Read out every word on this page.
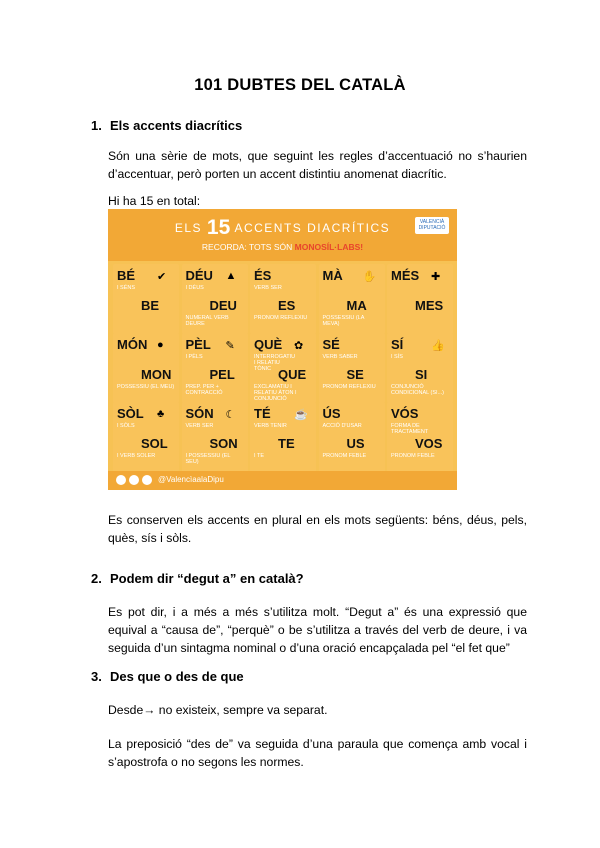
101 DUBTES DEL CATALÀ
1. Els accents diacrítics
Són una sèrie de mots, que seguint les regles d’accentuació no s’haurien d’accentuar, però porten un accent distintiu anomenat diacrític.
Hi ha 15 en total:
ELS 15 ACCENTS DIACRÍTICS
RECORDA: TOTS SÓN MONOSÍL·LABS!
VALENCIÀ DIPUTACIÓ
BÉ
I SÉNS
BE
✔ DÉU
I DÉUS
DEU
NUMERAL VERB DEURE
▲ ÉS
VERB SER
ES
PRONOM REFLEXIU
MÀ
MA
POSSESSIU (LA MEVA)
✋ MÉS
MES
✚
MÓN
MON
POSSESSIU (EL MEU)
● PÈL
I PÈLS
PEL
PREP. PER + CONTRACCIÓ
✎ QUÈ
INTERROGATIU I RELATIU TÒNIC QUE
EXCLAMATIU I RELATIU ÀTON I CONJUNCIÓ
✿ SÉ
VERB SABER
SE
PRONOM REFLEXIU
SÍ
I SÍS
SI
CONJUNCIÓ CONDICIONAL (SI...)
👍
SÒL
I SÒLS
SOL
I VERB SOLER
♣ SÓN
VERB SER
SON
I POSSESSIU (EL SEU)
☾ TÉ
VERB TENIR
TE
I TE
☕ ÚS
ACCIÓ D'USAR
US
PRONOM FEBLE
VÓS
FORMA DE TRACTAMENT
VOS
PRONOM FEBLE
@ValencìaalaDipu
Es conserven els accents en plural en els mots següents: béns, déus, pels, quès, sís i sòls.
2. Podem dir “degut a” en català?
Es pot dir, i a més a més s’utilitza molt. “Degut a” és una expressió que equival a “causa de”, “perquè” o be s’utilitza a través del verb de deure, i va seguida d’un sintagma nominal o d’una oració encapçalada pel “el fet que”
3. Des que o des de que
Desde→ no existeix, sempre va separat.
La preposició “des de” va seguida d’una paraula que comença amb vocal i s’apostrofa o no segons les normes.
